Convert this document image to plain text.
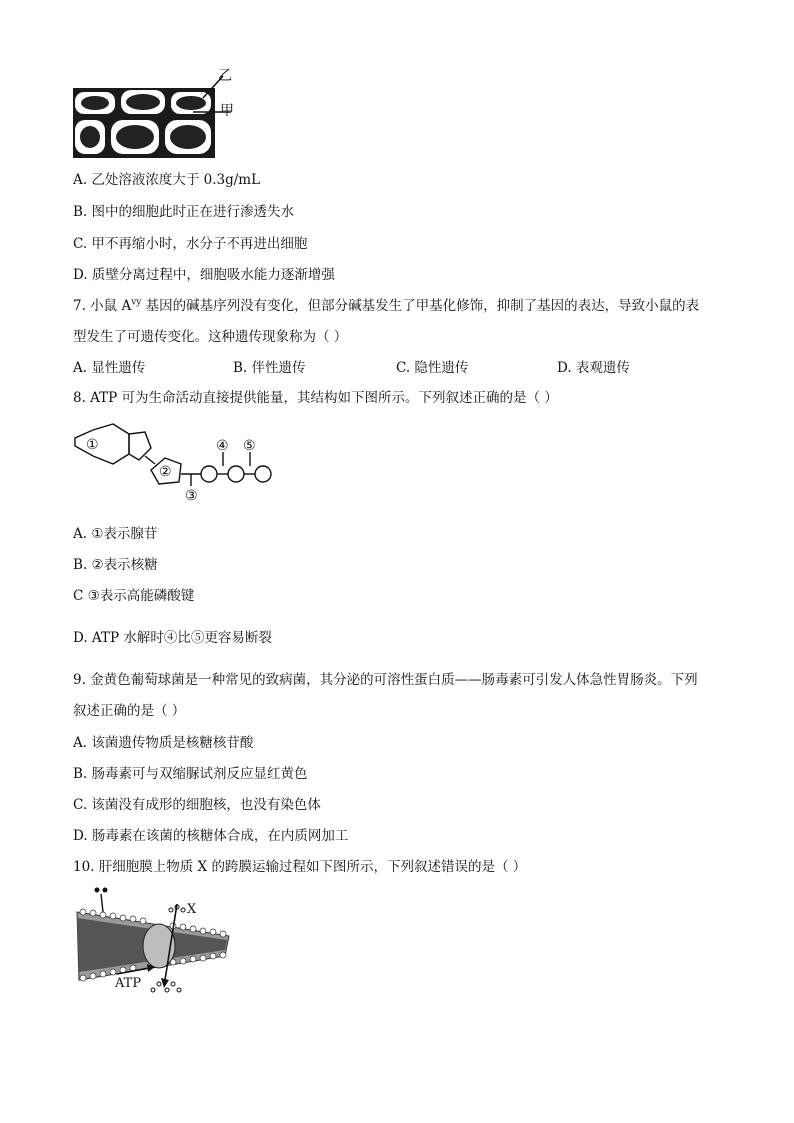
乙
甲
A. 乙处溶液浓度大于 0.3g/mL
B. 图中的细胞此时正在进行渗透失水
C. 甲不再缩小时，水分子不再进出细胞
D. 质壁分离过程中，细胞吸水能力逐渐增强
7. 小鼠 $A^{vy}$ 基因的碱基序列没有变化，但部分碱基发生了甲基化修饰，抑制了基因的表达，导致小鼠的表
型发生了可遗传变化。这种遗传现象称为（ ）
A. 显性遗传	B. 伴性遗传	C. 隐性遗传	D. 表观遗传
8. ATP 可为生命活动直接提供能量，其结构如下图所示。下列叙述正确的是（ ）
①
②
③
④ ⑤
A. ①表示腺苷
B. ②表示核糖
C ③表示高能磷酸键
D. ATP 水解时④比⑤更容易断裂
9. 金黄色葡萄球菌是一种常见的致病菌，其分泌的可溶性蛋白质——肠毒素可引发人体急性胃肠炎。下列
叙述正确的是（ ）
A. 该菌遗传物质是核糖核苷酸
B. 肠毒素可与双缩脲试剂反应显红黄色
C. 该菌没有成形的细胞核，也没有染色体
D. 肠毒素在该菌的核糖体合成，在内质网加工
10. 肝细胞膜上物质 X 的跨膜运输过程如下图所示，下列叙述错误的是（ ）
X
ATP
